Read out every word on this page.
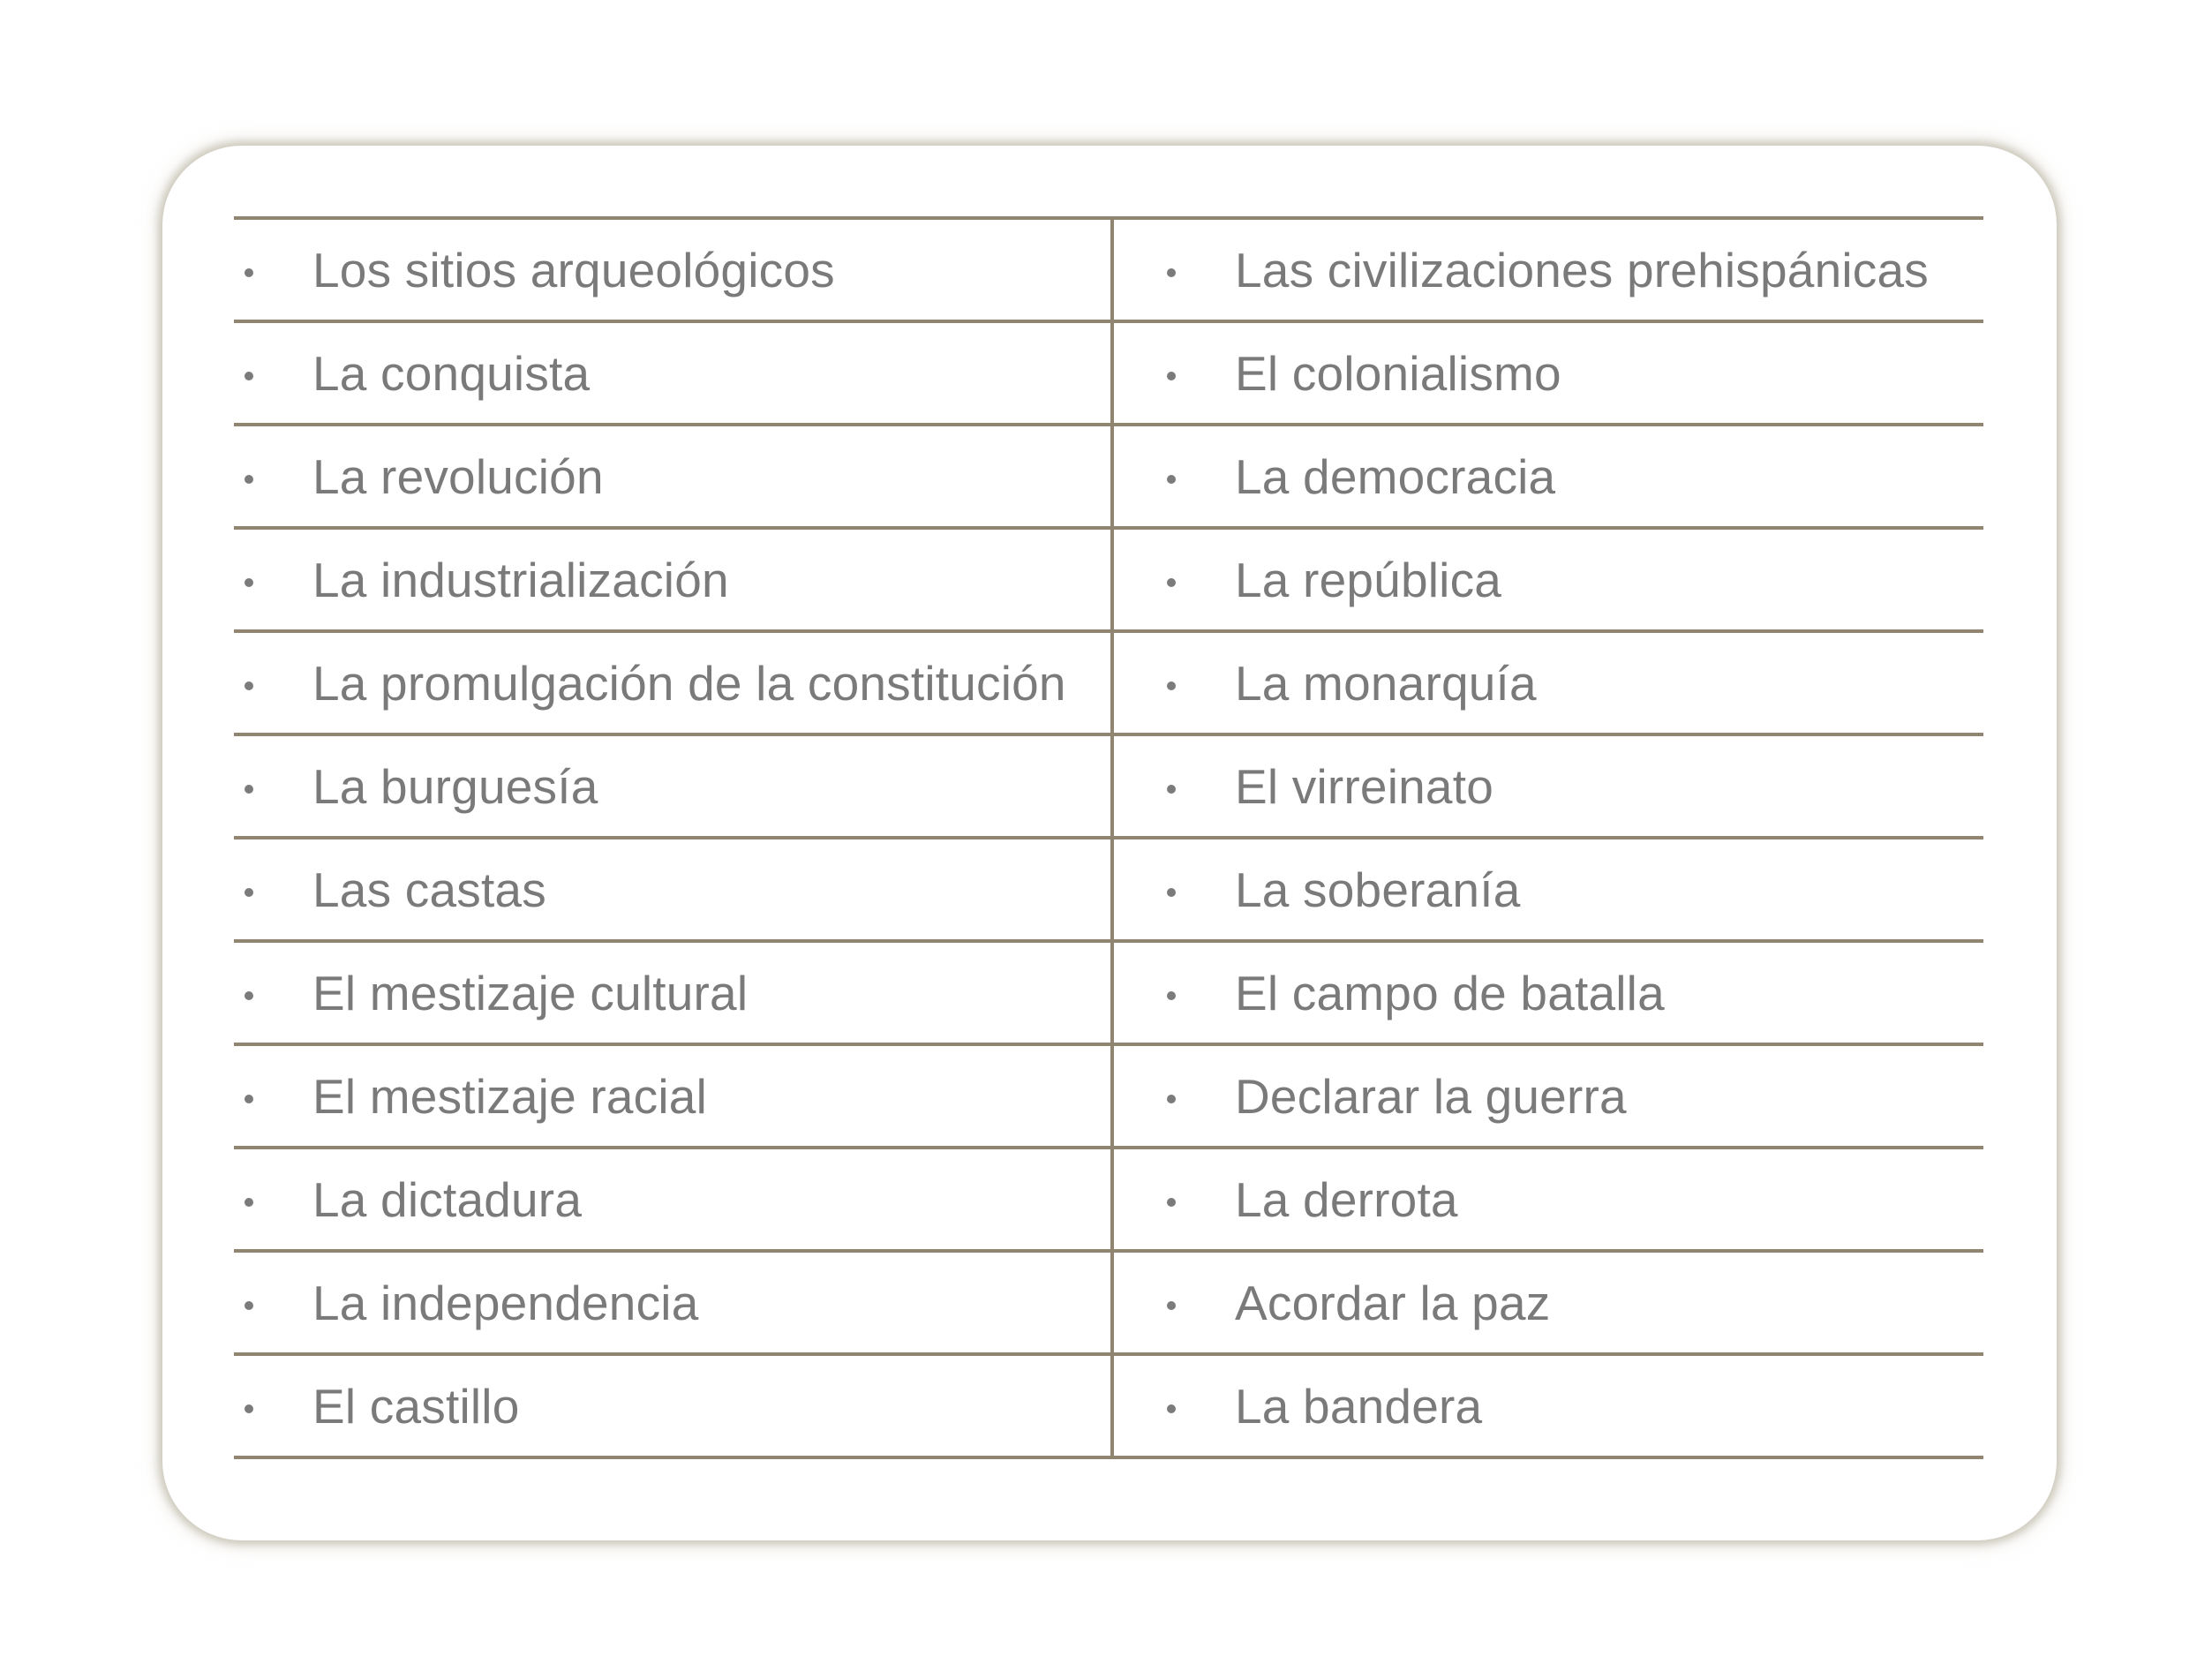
Los sitios arqueológicos	Las civilizaciones prehispánicas
La conquista	El colonialismo
La revolución	La democracia
La industrialización	La república
La promulgación de la constitución	La monarquía
La burguesía	El virreinato
Las castas	La soberanía
El mestizaje cultural	El campo de batalla
El mestizaje racial	Declarar la guerra
La dictadura	La derrota
La independencia	Acordar la paz
El castillo	La bandera
